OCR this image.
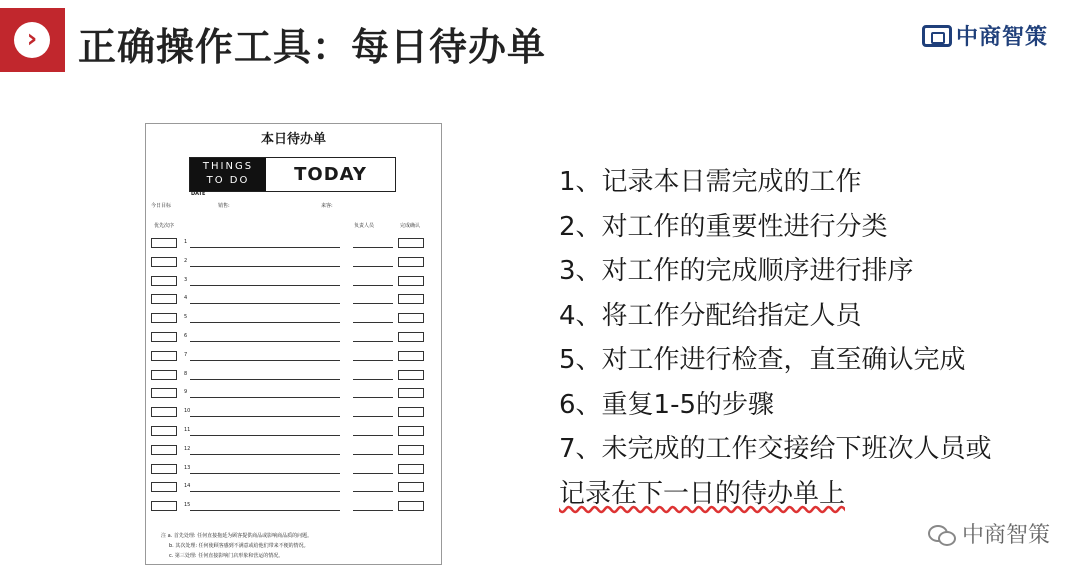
›	正确操作工具：每日待办单	中商智策
本日待办单
THINGS
TO DO	TODAY
DATE
今日目标	销售:	来客:
优先次序	负责人员	完成确认
1
2
3
4
5
6
7
8
9
10
11
12
13
14
15
注 a. 首先处理: 任何直接拖延为顾客提供商品或影响商品质的问题。
b. 其次处理: 任何使顾客感到不满意或给他们带来不便的情况。
c. 第三处理: 任何直接影响门店形象和营运的情况。
1、记录本日需完成的工作
2、对工作的重要性进行分类
3、对工作的完成顺序进行排序
4、将工作分配给指定人员
5、对工作进行检查，直至确认完成
6、重复1-5的步骤
7、未完成的工作交接给下班次人员或
记录在下一日的待办单上
中商智策
